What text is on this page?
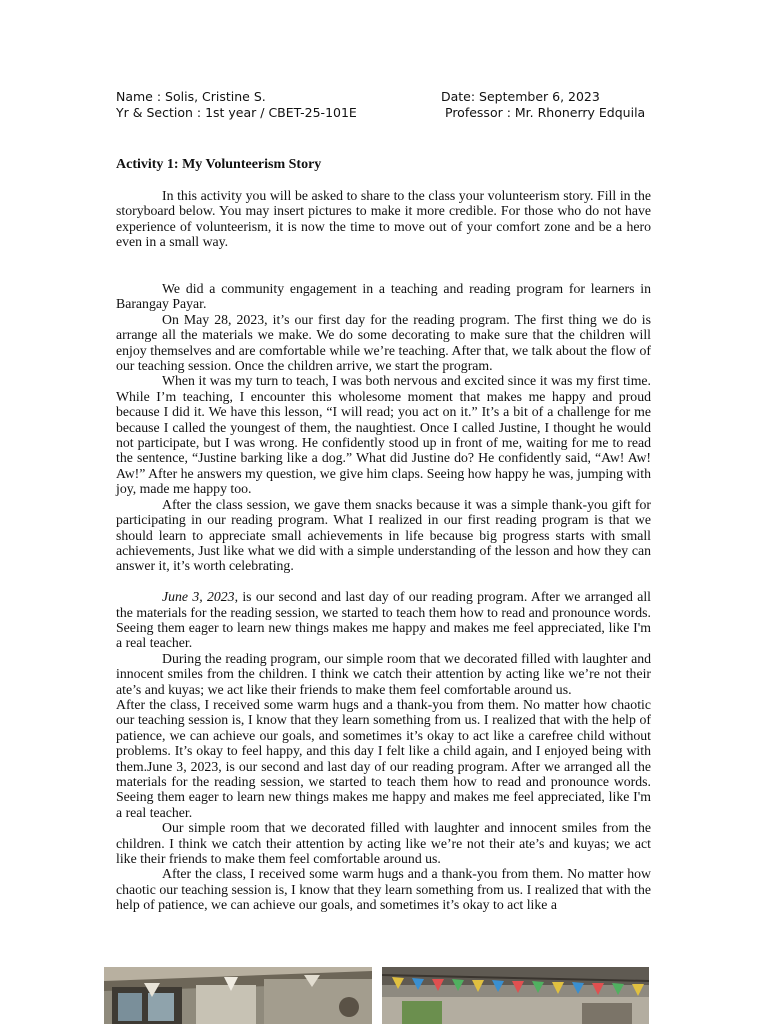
Name : Solis, Cristine S.
Yr & Section : 1st year / CBET-25-101E
Date: September 6, 2023
Professor : Mr. Rhonerry Edquila
Activity 1: My Volunteerism Story

In this activity you will be asked to share to the class your volunteerism story. Fill in the storyboard below. You may insert pictures to make it more credible. For those who do not have experience of volunteerism, it is now the time to move out of your comfort zone and be a hero even in a small way.

We did a community engagement in a teaching and reading program for learners in Barangay Payar.

On May 28, 2023, it’s our first day for the reading program. The first thing we do is arrange all the materials we make. We do some decorating to make sure that the children will enjoy themselves and are comfortable while we’re teaching. After that, we talk about the flow of our teaching session. Once the children arrive, we start the program.

When it was my turn to teach, I was both nervous and excited since it was my first time. While I’m teaching, I encounter this wholesome moment that makes me happy and proud because I did it. We have this lesson, “I will read; you act on it.” It’s a bit of a challenge for me because I called the youngest of them, the naughtiest. Once I called Justine, I thought he would not participate, but I was wrong. He confidently stood up in front of me, waiting for me to read the sentence, “Justine barking like a dog.” What did Justine do? He confidently said, “Aw! Aw! Aw!” After he answers my question, we give him claps. Seeing how happy he was, jumping with joy, made me happy too.

After the class session, we gave them snacks because it was a simple thank-you gift for participating in our reading program. What I realized in our first reading program is that we should learn to appreciate small achievements in life because big progress starts with small achievements, Just like what we did with a simple understanding of the lesson and how they can answer it, it’s worth celebrating.

June 3, 2023, is our second and last day of our reading program. After we arranged all the materials for the reading session, we started to teach them how to read and pronounce words. Seeing them eager to learn new things makes me happy and makes me feel appreciated, like I'm a real teacher.

During the reading program, our simple room that we decorated filled with laughter and innocent smiles from the children. I think we catch their attention by acting like we’re not their ate’s and kuyas; we act like their friends to make them feel comfortable around us.

After the class, I received some warm hugs and a thank-you from them. No matter how chaotic our teaching session is, I know that they learn something from us. I realized that with the help of patience, we can achieve our goals, and sometimes it’s okay to act like a carefree child without problems. It’s okay to feel happy, and this day I felt like a child again, and I enjoyed being with them.June 3, 2023, is our second and last day of our reading program. After we arranged all the materials for the reading session, we started to teach them how to read and pronounce words. Seeing them eager to learn new things makes me happy and makes me feel appreciated, like I'm a real teacher.

Our simple room that we decorated filled with laughter and innocent smiles from the children. I think we catch their attention by acting like we’re not their ate’s and kuyas; we act like their friends to make them feel comfortable around us.

After the class, I received some warm hugs and a thank-you from them. No matter how chaotic our teaching session is, I know that they learn something from us. I realized that with the help of patience, we can achieve our goals, and sometimes it’s okay to act like a
